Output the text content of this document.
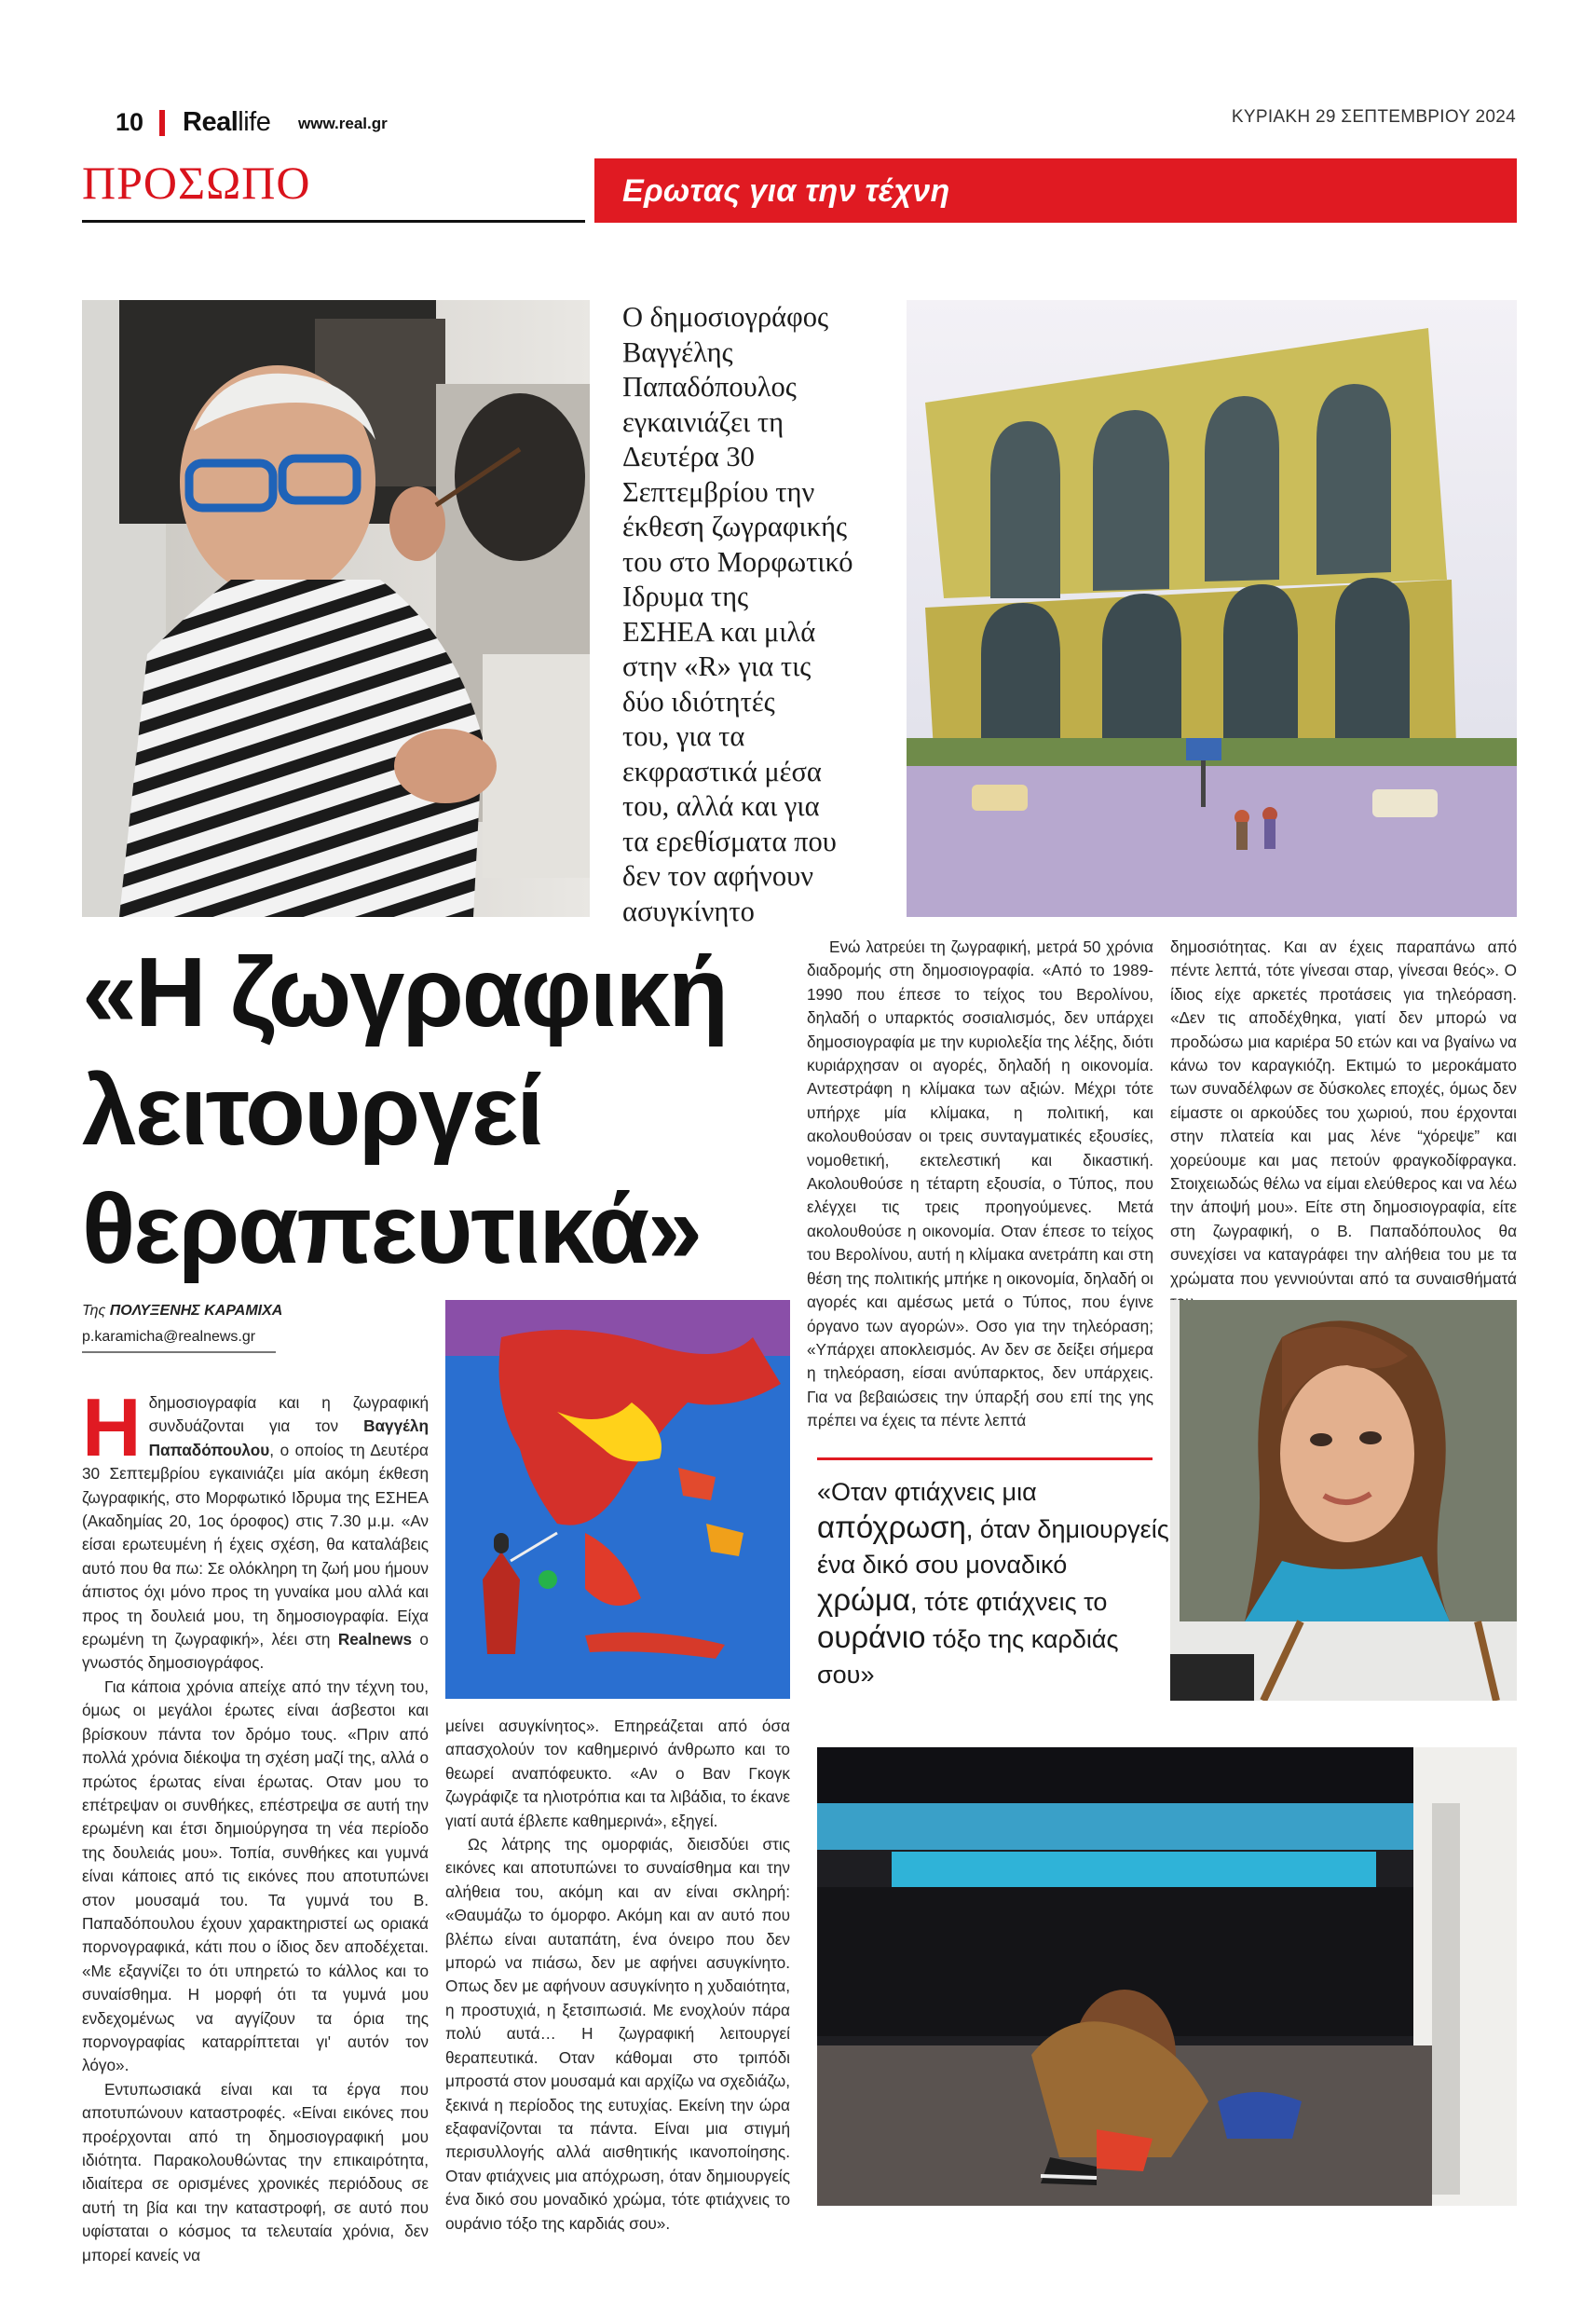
10 Reallife www.real.gr	ΚΥΡΙΑΚΗ 29 ΣΕΠΤΕΜΒΡΙΟΥ 2024
ΠΡΟΣΩΠΟ	Ερωτας για την τέχνη
Ο δημοσιογράφος
Βαγγέλης
Παπαδόπουλος
εγκαινιάζει τη
Δευτέρα 30
Σεπτεμβρίου την
έκθεση ζωγραφικής
του στο Μορφωτικό
Ιδρυμα της
ΕΣΗΕΑ και μιλά
στην «R» για τις
δύο ιδιότητές
του, για τα
εκφραστικά μέσα
του, αλλά και για
τα ερεθίσματα που
δεν τον αφήνουν
ασυγκίνητο
«Η ζωγραφική
λειτουργεί
θεραπευτικά»
Της ΠΟΛΥΞΕΝΗΣ ΚΑΡΑΜΙΧΑ
p.karamicha@realnews.gr

Η δημοσιογραφία και η ζωγραφική συνδυάζονται για τον Βαγγέλη Παπαδόπουλου, ο οποίος τη Δευτέρα 30 Σεπτεμβρίου εγκαινιάζει μία ακόμη έκθεση ζωγραφικής, στο Μορφωτικό Ιδρυμα της ΕΣΗΕΑ (Ακαδημίας 20, 1ος όροφος) στις 7.30 μ.μ. «Αν είσαι ερωτευμένη ή έχεις σχέση, θα καταλάβεις αυτό που θα πω: Σε ολόκληρη τη ζωή μου ήμουν άπιστος όχι μόνο προς τη γυναίκα μου αλλά και προς τη δουλειά μου, τη δημοσιογραφία. Είχα ερωμένη τη ζωγραφική», λέει στη Realnews ο γνωστός δημοσιογράφος.

Για κάποια χρόνια απείχε από την τέχνη του, όμως οι μεγάλοι έρωτες είναι άσβεστοι και βρίσκουν πάντα τον δρόμο τους. «Πριν από πολλά χρόνια διέκοψα τη σχέση μαζί της, αλλά ο πρώτος έρωτας είναι έρωτας. Οταν μου το επέτρεψαν οι συνθήκες, επέστρεψα σε αυτή την ερωμένη και έτσι δημιούργησα τη νέα περίοδο της δουλειάς μου». Τοπία, συνθήκες και γυμνά είναι κάποιες από τις εικόνες που αποτυπώνει στον μουσαμά του. Τα γυμνά του Β. Παπαδόπουλου έχουν χαρακτηριστεί ως οριακά πορνογραφικά, κάτι που ο ίδιος δεν αποδέχεται. «Με εξαγνίζει το ότι υπηρετώ το κάλλος και το συναίσθημα. Η μορφή ότι τα γυμνά μου ενδεχομένως να αγγίζουν τα όρια της πορνογραφίας καταρρίπτεται γι' αυτόν τον λόγο».

Εντυπωσιακά είναι και τα έργα που αποτυπώνουν καταστροφές. «Είναι εικόνες που προέρχονται από τη δημοσιογραφική μου ιδιότητα. Παρακολουθώντας την επικαιρότητα, ιδιαίτερα σε ορισμένες χρονικές περιόδους σε αυτή τη βία και την καταστροφή, σε αυτό που υφίσταται ο κόσμος τα τελευταία χρόνια, δεν μπορεί κανείς να

μείνει ασυγκίνητος». Επηρεάζεται από όσα απασχολούν τον καθημερινό άνθρωπο και το θεωρεί αναπόφευκτο. «Αν ο Βαν Γκογκ ζωγράφιζε τα ηλιοτρόπια και τα λιβάδια, το έκανε γιατί αυτά έβλεπε καθημερινά», εξηγεί.

Ως λάτρης της ομορφιάς, διεισδύει στις εικόνες και αποτυπώνει το συναίσθημα και την αλήθεια του, ακόμη και αν είναι σκληρή: «Θαυμάζω το όμορφο. Ακόμη και αν αυτό που βλέπω είναι αυταπάτη, ένα όνειρο που δεν μπορώ να πιάσω, δεν με αφήνει ασυγκίνητο. Οπως δεν με αφήνουν ασυγκίνητο η χυδαιότητα, η προστυχιά, η ξετσιπωσιά. Με ενοχλούν πάρα πολύ αυτά… Η ζωγραφική λειτουργεί θεραπευτικά. Οταν κάθομαι στο τριπόδι μπροστά στον μουσαμά και αρχίζω να σχεδιάζω, ξεκινά η περίοδος της ευτυχίας. Εκείνη την ώρα εξαφανίζονται τα πάντα. Είναι μια στιγμή περισυλλογής αλλά αισθητικής ικανοποίησης. Οταν φτιάχνεις μια απόχρωση, όταν δημιουργείς ένα δικό σου μοναδικό χρώμα, τότε φτιάχνεις το ουράνιο τόξο της καρδιάς σου».

Ενώ λατρεύει τη ζωγραφική, μετρά 50 χρόνια διαδρομής στη δημοσιογραφία. «Από το 1989-1990 που έπεσε το τείχος του Βερολίνου, δηλαδή ο υπαρκτός σοσιαλισμός, δεν υπάρχει δημοσιογραφία με την κυριολεξία της λέξης, διότι κυριάρχησαν οι αγορές, δηλαδή η οικονομία. Αντεστράφη η κλίμακα των αξιών. Μέχρι τότε υπήρχε μία κλίμακα, η πολιτική, και ακολουθούσαν οι τρεις συνταγματικές εξουσίες, νομοθετική, εκτελεστική και δικαστική. Ακολουθούσε η τέταρτη εξουσία, ο Τύπος, που ελέγχει τις τρεις προηγούμενες. Μετά ακολουθούσε η οικονομία. Οταν έπεσε το τείχος του Βερολίνου, αυτή η κλίμακα ανετράπη και στη θέση της πολιτικής μπήκε η οικονομία, δηλαδή οι αγορές και αμέσως μετά ο Τύπος, που έγινε όργανο των αγορών». Οσο για την τηλεόραση; «Υπάρχει αποκλεισμός. Αν δεν σε δείξει σήμερα η τηλεόραση, είσαι ανύπαρκτος, δεν υπάρχεις. Για να βεβαιώσεις την ύπαρξή σου επί της γης πρέπει να έχεις τα πέντε λεπτά

δημοσιότητας. Και αν έχεις παραπάνω από πέντε λεπτά, τότε γίνεσαι σταρ, γίνεσαι θεός». Ο ίδιος είχε αρκετές προτάσεις για τηλεόραση. «Δεν τις αποδέχθηκα, γιατί δεν μπορώ να προδώσω μια καριέρα 50 ετών και να βγαίνω να κάνω τον καραγκιόζη. Εκτιμώ το μεροκάματο των συναδέλφων σε δύσκολες εποχές, όμως δεν είμαστε οι αρκούδες του χωριού, που έρχονται στην πλατεία και μας λένε “χόρεψε” και χορεύουμε και μας πετούν φραγκοδίφραγκα. Στοιχειωδώς θέλω να είμαι ελεύθερος και να λέω την άποψή μου». Είτε στη δημοσιογραφία, είτε στη ζωγραφική, ο Β. Παπαδόπουλος θα συνεχίσει να καταγράφει την αλήθεια του με τα χρώματα που γεννιούνται από τα συναισθήματά

«Οταν φτιάχνεις μια απόχρωση, όταν δημιουργείς ένα δικό σου μοναδικό χρώμα, τότε φτιάχνεις το ουράνιο τόξο της καρδιάς σου»
